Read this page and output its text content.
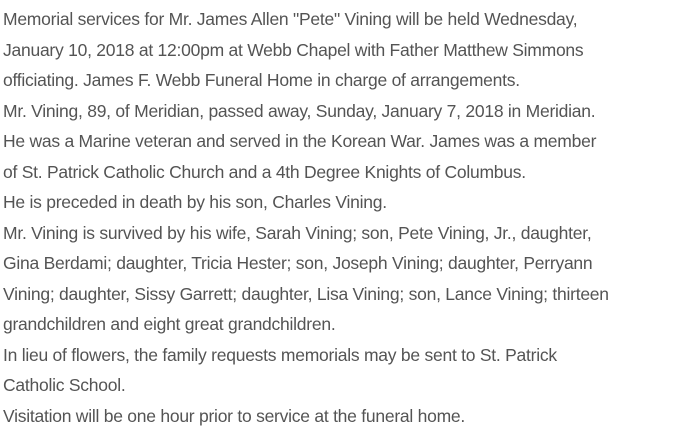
Memorial services for Mr. James Allen "Pete" Vining will be held Wednesday,
January 10, 2018 at 12:00pm at Webb Chapel with Father Matthew Simmons
officiating. James F. Webb Funeral Home in charge of arrangements.
Mr. Vining, 89, of Meridian, passed away, Sunday, January 7, 2018 in Meridian.
He was a Marine veteran and served in the Korean War. James was a member
of St. Patrick Catholic Church and a 4th Degree Knights of Columbus.
He is preceded in death by his son, Charles Vining.
Mr. Vining is survived by his wife, Sarah Vining; son, Pete Vining, Jr., daughter,
Gina Berdami; daughter, Tricia Hester; son, Joseph Vining; daughter, Perryann
Vining; daughter, Sissy Garrett; daughter, Lisa Vining; son, Lance Vining; thirteen
grandchildren and eight great grandchildren.
In lieu of flowers, the family requests memorials may be sent to St. Patrick
Catholic School.
Visitation will be one hour prior to service at the funeral home.
